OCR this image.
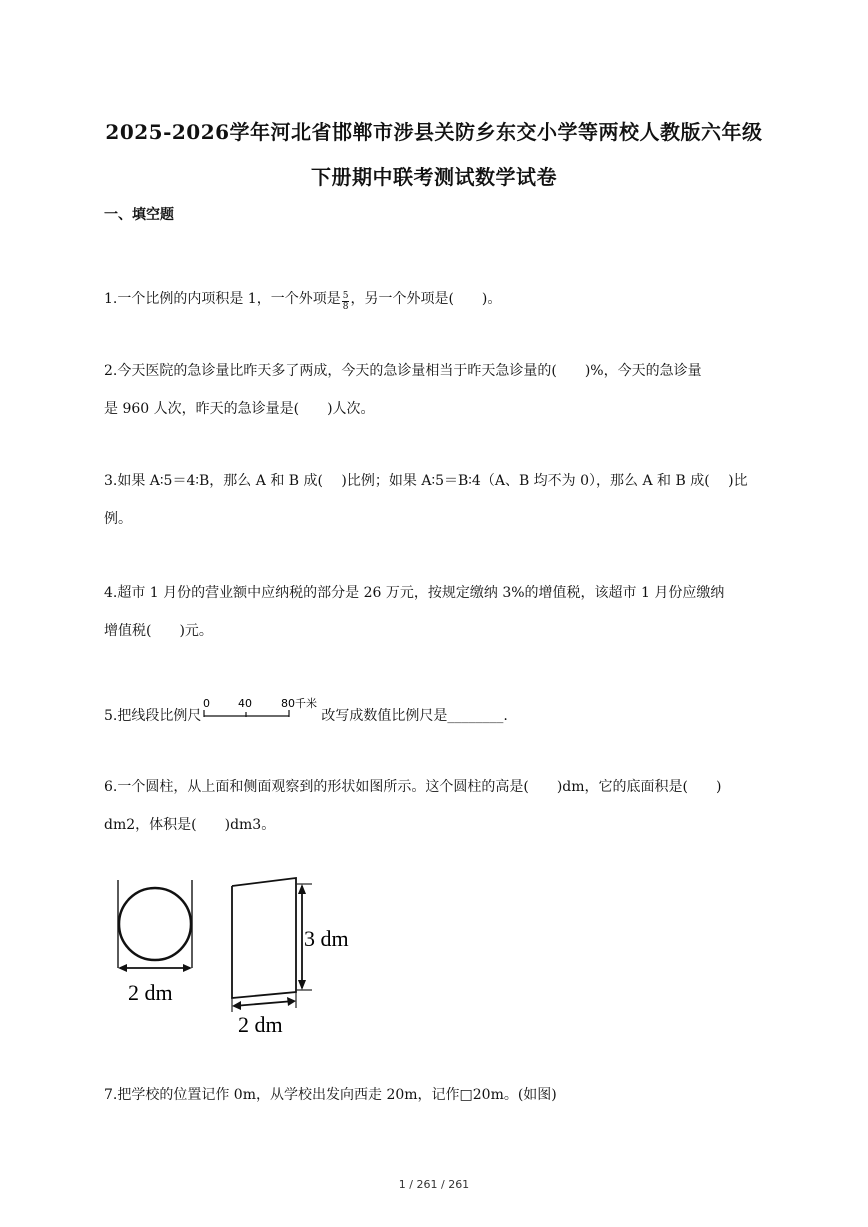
2025-2026学年河北省邯郸市涉县关防乡东交小学等两校人教版六年级
下册期中联考测试数学试卷
一、填空题
1.一个比例的内项积是 1，一个外项是 $\frac{5}{8}$ ，另一个外项是(　　)。
2.今天医院的急诊量比昨天多了两成，今天的急诊量相当于昨天急诊量的(　　)%，今天的急诊量
是 960 人次，昨天的急诊量是(　　)人次。
3.如果 A∶5＝4∶B，那么 A 和 B 成(　 )比例；如果 A∶5＝B∶4（A、B 均不为 0），那么 A 和 B 成(　 )比
例。
4.超市 1 月份的营业额中应纳税的部分是 26 万元，按规定缴纳 3%的增值税，该超市 1 月份应缴纳
增值税(　　)元。
5.把线段比例尺
0	40	80千米
改写成数值比例尺是________.
6.一个圆柱，从上面和侧面观察到的形状如图所示。这个圆柱的高是(　　)dm，它的底面积是(　　)
dm2，体积是(　　)dm3。
2 dm
3 dm
2 dm
7.把学校的位置记作 0m，从学校出发向西走 20m，记作□20m。(如图)
1 / 261 / 261
